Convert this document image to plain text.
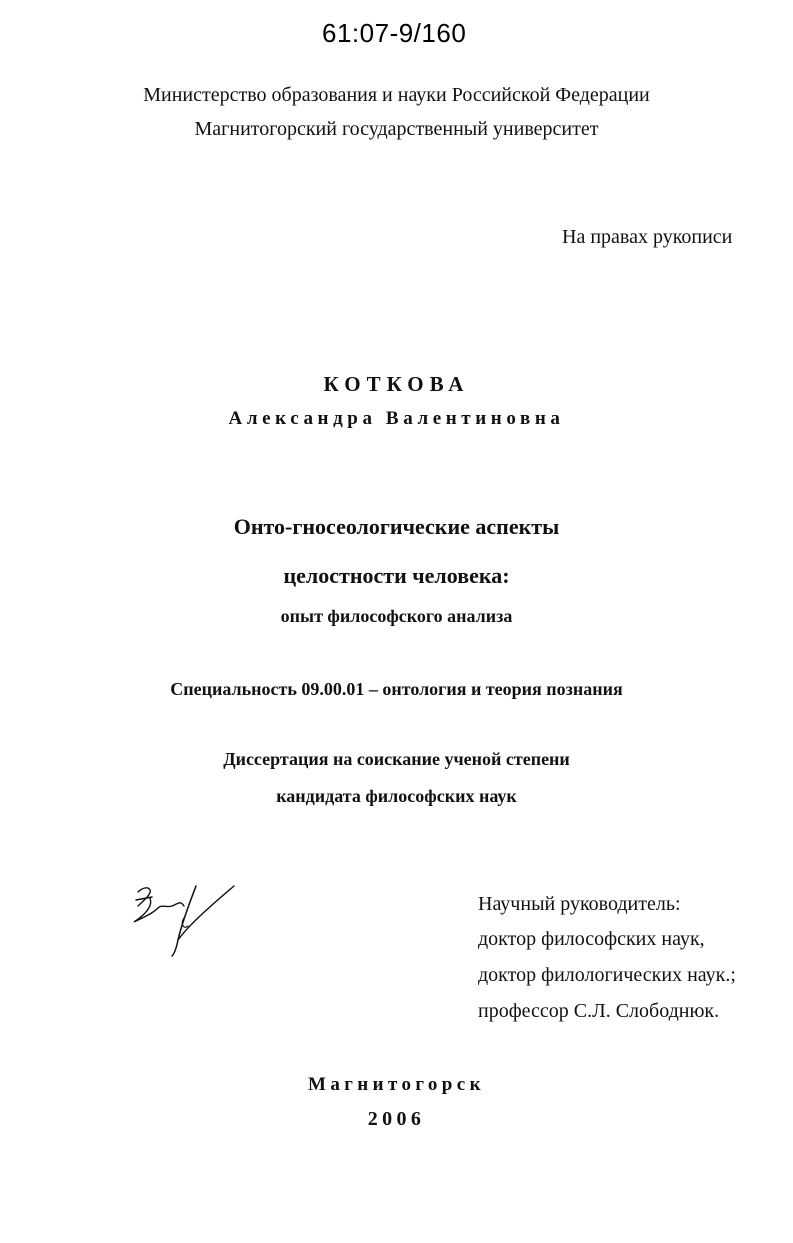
61:07-9/160
Министерство образования и науки Российской Федерации
Магнитогорский государственный университет
На правах рукописи
КОТКОВА
Александра Валентиновна
Онто-гносеологические аспекты
целостности человека:
опыт философского анализа
Специальность 09.00.01 – онтология и теория познания
Диссертация на соискание ученой степени
кандидата философских наук
Научный руководитель:
доктор философских наук,
доктор филологических наук.;
профессор С.Л. Слободнюк.
Магнитогорск
2006
